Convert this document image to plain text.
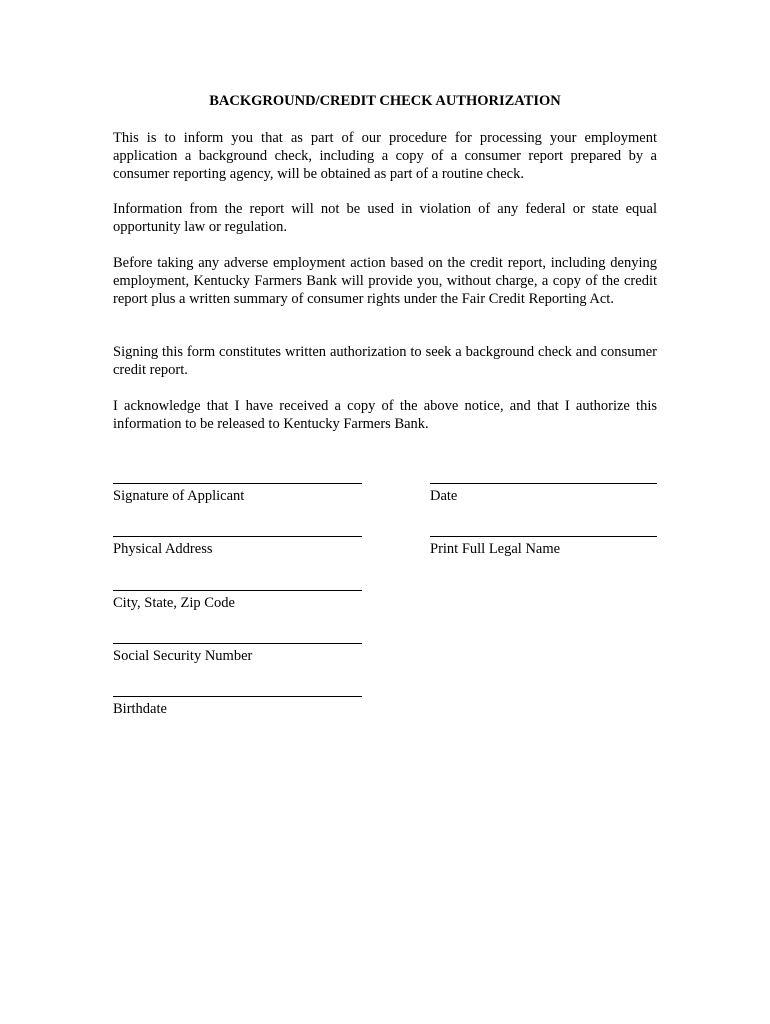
BACKGROUND/CREDIT CHECK AUTHORIZATION

This is to inform you that as part of our procedure for processing your employment application a background check, including a copy of a consumer report prepared by a consumer reporting agency, will be obtained as part of a routine check.

Information from the report will not be used in violation of any federal or state equal opportunity law or regulation.

Before taking any adverse employment action based on the credit report, including denying employment, Kentucky Farmers Bank will provide you, without charge, a copy of the credit report plus a written summary of consumer rights under the Fair Credit Reporting Act.

Signing this form constitutes written authorization to seek a background check and consumer credit report.

I acknowledge that I have received a copy of the above notice, and that I authorize this information to be released to Kentucky Farmers Bank.

Signature of Applicant	Date
Physical Address	Print Full Legal Name
City, State, Zip Code
Social Security Number
Birthdate
